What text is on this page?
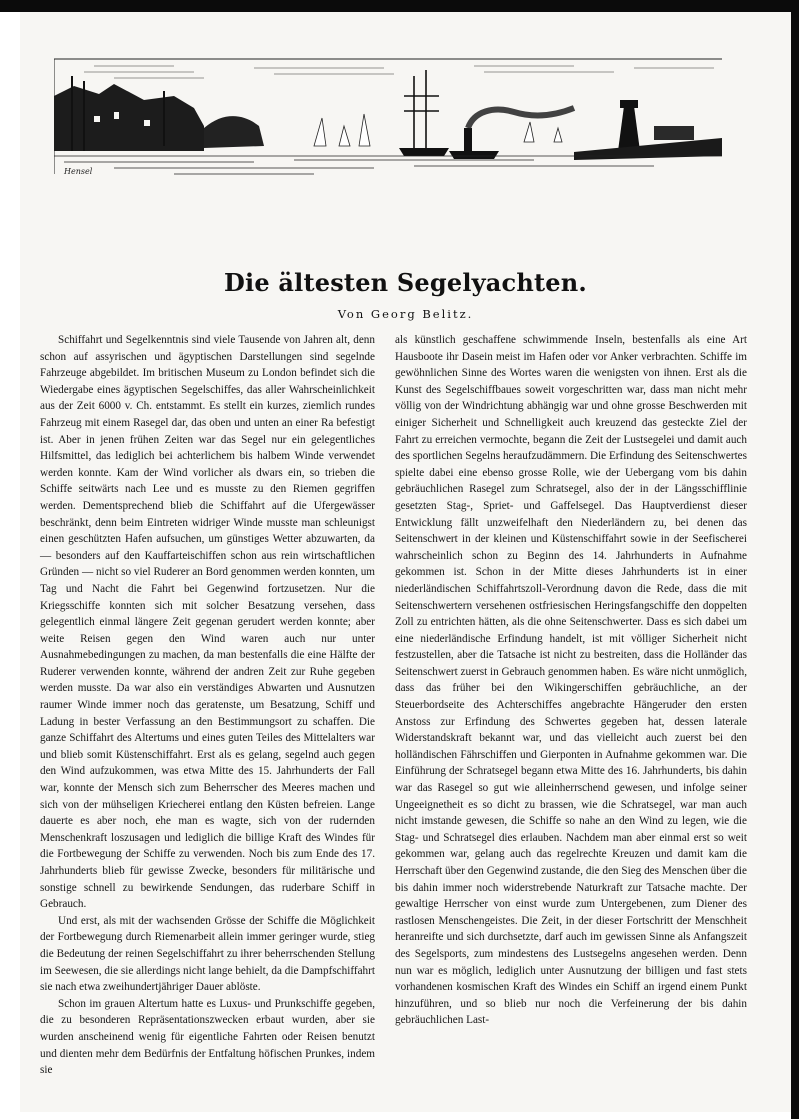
Hensel
Die ältesten Segelyachten.
Von Georg Belitz.

Schiffahrt und Segelkenntnis sind viele Tausende von Jahren alt, denn schon auf assyrischen und ägyptischen Darstellungen sind segelnde Fahrzeuge abgebildet. Im britischen Museum zu London befindet sich die Wiedergabe eines ägyptischen Segelschiffes, das aller Wahrscheinlichkeit aus der Zeit 6000 v. Ch. entstammt. Es stellt ein kurzes, ziemlich rundes Fahrzeug mit einem Rasegel dar, das oben und unten an einer Ra befestigt ist. Aber in jenen frühen Zeiten war das Segel nur ein gelegentliches Hilfsmittel, das lediglich bei achterlichem bis halbem Winde verwendet werden konnte. Kam der Wind vorlicher als dwars ein, so trieben die Schiffe seitwärts nach Lee und es musste zu den Riemen gegriffen werden. Dementsprechend blieb die Schiffahrt auf die Ufergewässer beschränkt, denn beim Eintreten widriger Winde musste man schleunigst einen geschützten Hafen aufsuchen, um günstiges Wetter abzuwarten, da — besonders auf den Kauffarteischiffen schon aus rein wirtschaftlichen Gründen — nicht so viel Ruderer an Bord genommen werden konnten, um Tag und Nacht die Fahrt bei Gegenwind fortzusetzen. Nur die Kriegsschiffe konnten sich mit solcher Besatzung versehen, dass gelegentlich einmal längere Zeit gegenan gerudert werden konnte; aber weite Reisen gegen den Wind waren auch nur unter Ausnahmebedingungen zu machen, da man bestenfalls die eine Hälfte der Ruderer verwenden konnte, während der andren Zeit zur Ruhe gegeben werden musste. Da war also ein verständiges Abwarten und Ausnutzen raumer Winde immer noch das geratenste, um Besatzung, Schiff und Ladung in bester Verfassung an den Bestimmungsort zu schaffen. Die ganze Schiffahrt des Altertums und eines guten Teiles des Mittelalters war und blieb somit Küstenschiffahrt. Erst als es gelang, segelnd auch gegen den Wind aufzukommen, was etwa Mitte des 15. Jahrhunderts der Fall war, konnte der Mensch sich zum Beherrscher des Meeres machen und sich von der mühseligen Kriecherei entlang den Küsten befreien. Lange dauerte es aber noch, ehe man es wagte, sich von der rudernden Menschenkraft loszusagen und lediglich die billige Kraft des Windes für die Fortbewegung der Schiffe zu verwenden. Noch bis zum Ende des 17. Jahrhunderts blieb für gewisse Zwecke, besonders für militärische und sonstige schnell zu bewirkende Sendungen, das ruderbare Schiff in Gebrauch.

Und erst, als mit der wachsenden Grösse der Schiffe die Möglichkeit der Fortbewegung durch Riemenarbeit allein immer geringer wurde, stieg die Bedeutung der reinen Segelschiffahrt zu ihrer beherrschenden Stellung im Seewesen, die sie allerdings nicht lange behielt, da die Dampfschiffahrt sie nach etwa zweihundertjähriger Dauer ablöste.

Schon im grauen Altertum hatte es Luxus- und Prunkschiffe gegeben, die zu besonderen Repräsentationszwecken erbaut wurden, aber sie wurden anscheinend wenig für eigentliche Fahrten oder Reisen benutzt und dienten mehr dem Bedürfnis der Entfaltung höfischen Prunkes, indem sie

als künstlich geschaffene schwimmende Inseln, bestenfalls als eine Art Hausboote ihr Dasein meist im Hafen oder vor Anker verbrachten. Schiffe im gewöhnlichen Sinne des Wortes waren die wenigsten von ihnen. Erst als die Kunst des Segelschiffbaues soweit vorgeschritten war, dass man nicht mehr völlig von der Windrichtung abhängig war und ohne grosse Beschwerden mit einiger Sicherheit und Schnelligkeit auch kreuzend das gesteckte Ziel der Fahrt zu erreichen vermochte, begann die Zeit der Lustsegelei und damit auch des sportlichen Segelns heraufzudämmern. Die Erfindung des Seitenschwertes spielte dabei eine ebenso grosse Rolle, wie der Uebergang vom bis dahin gebräuchlichen Rasegel zum Schratsegel, also der in der Längsschifflinie gesetzten Stag-, Spriet- und Gaffelsegel. Das Hauptverdienst dieser Entwicklung fällt unzweifelhaft den Niederländern zu, bei denen das Seitenschwert in der kleinen und Küstenschiffahrt sowie in der Seefischerei wahrscheinlich schon zu Beginn des 14. Jahrhunderts in Aufnahme gekommen ist. Schon in der Mitte dieses Jahrhunderts ist in einer niederländischen Schiffahrtszoll-Verordnung davon die Rede, dass die mit Seitenschwertern versehenen ostfriesischen Heringsfangschiffe den doppelten Zoll zu entrichten hätten, als die ohne Seitenschwerter. Dass es sich dabei um eine niederländische Erfindung handelt, ist mit völliger Sicherheit nicht festzustellen, aber die Tatsache ist nicht zu bestreiten, dass die Holländer das Seitenschwert zuerst in Gebrauch genommen haben. Es wäre nicht unmöglich, dass das früher bei den Wikingerschiffen gebräuchliche, an der Steuerbordseite des Achterschiffes angebrachte Hängeruder den ersten Anstoss zur Erfindung des Schwertes gegeben hat, dessen laterale Widerstandskraft bekannt war, und das vielleicht auch zuerst bei den holländischen Fährschiffen und Gierponten in Aufnahme gekommen war. Die Einführung der Schratsegel begann etwa Mitte des 16. Jahrhunderts, bis dahin war das Rasegel so gut wie alleinherrschend gewesen, und infolge seiner Ungeeignetheit es so dicht zu brassen, wie die Schratsegel, war man auch nicht imstande gewesen, die Schiffe so nahe an den Wind zu legen, wie die Stag- und Schratsegel dies erlauben. Nachdem man aber einmal erst so weit gekommen war, gelang auch das regelrechte Kreuzen und damit kam die Herrschaft über den Gegenwind zustande, die den Sieg des Menschen über die bis dahin immer noch widerstrebende Naturkraft zur Tatsache machte. Der gewaltige Herrscher von einst wurde zum Untergebenen, zum Diener des rastlosen Menschengeistes. Die Zeit, in der dieser Fortschritt der Menschheit heranreifte und sich durchsetzte, darf auch im gewissen Sinne als Anfangszeit des Segelsports, zum mindestens des Lustsegelns angesehen werden. Denn nun war es möglich, lediglich unter Ausnutzung der billigen und fast stets vorhandenen kosmischen Kraft des Windes ein Schiff an irgend einem Punkt hinzuführen, und so blieb nur noch die Verfeinerung der bis dahin gebräuchlichen Last-
